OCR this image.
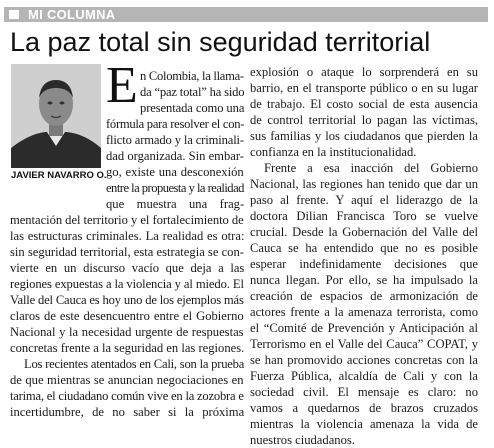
MI COLUMNA
La paz total sin seguridad territorial
JAVIER NAVARRO O.
E n Colombia, la llama-
da “paz total” ha sido
presentada como una
fórmula para resolver el con-
flicto armado y la criminali-
dad organizada. Sin embar-
go, existe una desconexión
entre la propuesta y la realidad
que muestra una frag-
mentación del territorio y el fortalecimiento de
las estructuras criminales. La realidad es otra:
sin seguridad territorial, esta estrategia se con-
vierte en un discurso vacío que deja a las
regiones expuestas a la violencia y al miedo. El
Valle del Cauca es hoy uno de los ejemplos más
claros de este desencuentro entre el Gobierno
Nacional y la necesidad urgente de respuestas
concretas frente a la seguridad en las regiones.
Los recientes atentados en Cali, son la prueba
de que mientras se anuncian negociaciones en
tarima, el ciudadano común vive en la zozobra e
incertidumbre, de no saber si la próxima

explosión o ataque lo sorprenderá en su barrio, en el transporte público o en su lugar de trabajo. El costo social de esta ausencia de control territorial lo pagan las víctimas, sus familias y los ciudadanos que pierden la confianza en la institucionalidad.

Frente a esa inacción del Gobierno Nacional, las regiones han tenido que dar un paso al frente. Y aquí el liderazgo de la doctora Dilian Francisca Toro se vuelve crucial. Desde la Gobernación del Valle del Cauca se ha entendido que no es posible esperar indefinidamente decisiones que nunca llegan. Por ello, se ha impulsado la creación de espacios de armonización de actores frente a la amenaza terrorista, como el “Comité de Prevención y Anticipación al Terrorismo en el Valle del Cauca” COPAT, y se han promovido acciones concretas con la Fuerza Pública, alcaldía de Cali y con la sociedad civil. El mensaje es claro: no vamos a quedarnos de brazos cruzados mientras la violencia amenaza la vida de nuestros ciudadanos.
